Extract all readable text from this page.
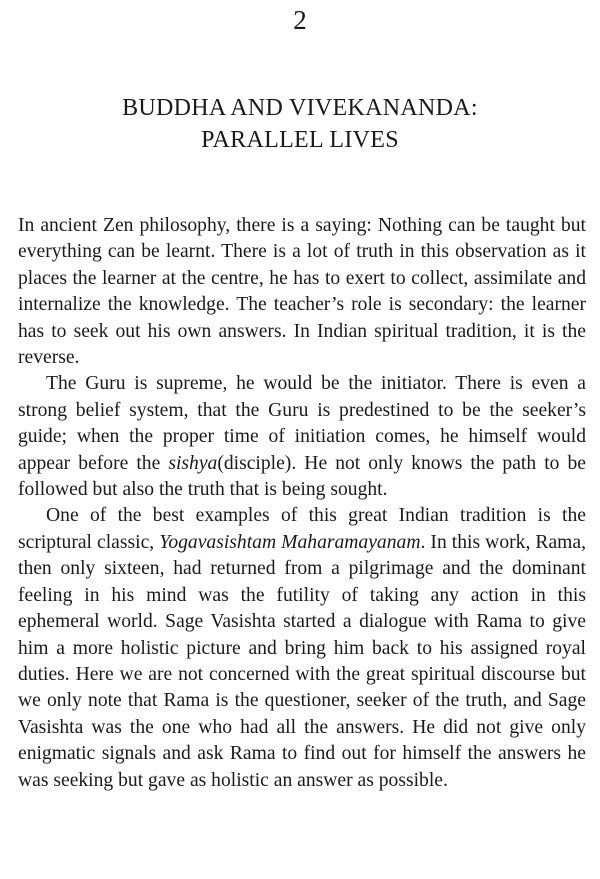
2
BUDDHA AND VIVEKANANDA:
PARALLEL LIVES

In ancient Zen philosophy, there is a saying: Nothing can be taught but everything can be learnt. There is a lot of truth in this observation as it places the learner at the centre, he has to exert to collect, assimilate and internalize the knowledge. The teacher’s role is secondary: the learner has to seek out his own answers. In Indian spiritual tradition, it is the reverse.

The Guru is supreme, he would be the initiator. There is even a strong belief system, that the Guru is predestined to be the seeker’s guide; when the proper time of initiation comes, he himself would appear before the sishya(disciple). He not only knows the path to be followed but also the truth that is being sought.

One of the best examples of this great Indian tradition is the scriptural classic, Yogavasishtam Maharamayanam. In this work, Rama, then only sixteen, had returned from a pilgrimage and the dominant feeling in his mind was the futility of taking any action in this ephemeral world. Sage Vasishta started a dialogue with Rama to give him a more holistic picture and bring him back to his assigned royal duties. Here we are not concerned with the great spiritual discourse but we only note that Rama is the questioner, seeker of the truth, and Sage Vasishta was the one who had all the answers. He did not give only enigmatic signals and ask Rama to find out for himself the answers he was seeking but gave as holistic an answer as possible.
